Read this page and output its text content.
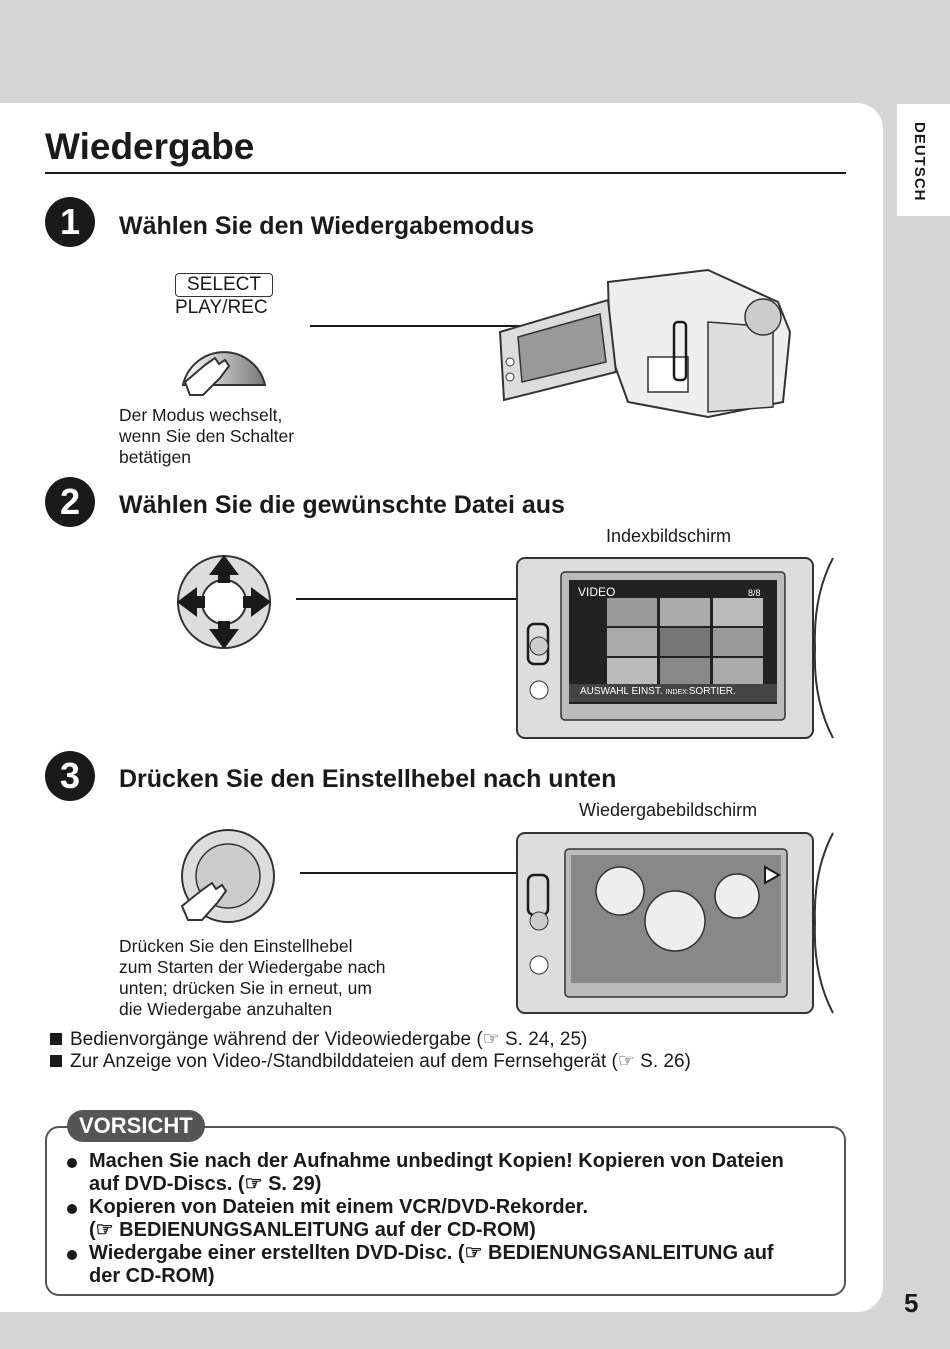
DEUTSCH
5
Wiedergabe
1	Wählen Sie den Wiedergabemodus
SELECT
PLAY/REC
Der Modus wechselt,
wenn Sie den Schalter
betätigen
2	Wählen Sie die gewünschte Datei aus
Indexbildschirm
VIDEO	8/8
AUSWAHL EINST. INDEX:SORTIER.
3	Drücken Sie den Einstellhebel nach unten
Wiedergabebildschirm
Drücken Sie den Einstellhebel
zum Starten der Wiedergabe nach
unten; drücken Sie in erneut, um
die Wiedergabe anzuhalten
Bedienvorgänge während der Videowiedergabe (☞ S. 24, 25)
Zur Anzeige von Video-/Standbilddateien auf dem Fernsehgerät (☞ S. 26)
Machen Sie nach der Aufnahme unbedingt Kopien! Kopieren von Dateien
auf DVD-Discs. (☞ S. 29)
Kopieren von Dateien mit einem VCR/DVD-Rekorder.
(☞ BEDIENUNGSANLEITUNG auf der CD-ROM)
Wiedergabe einer erstellten DVD-Disc. (☞ BEDIENUNGSANLEITUNG auf
der CD-ROM)
VORSICHT
